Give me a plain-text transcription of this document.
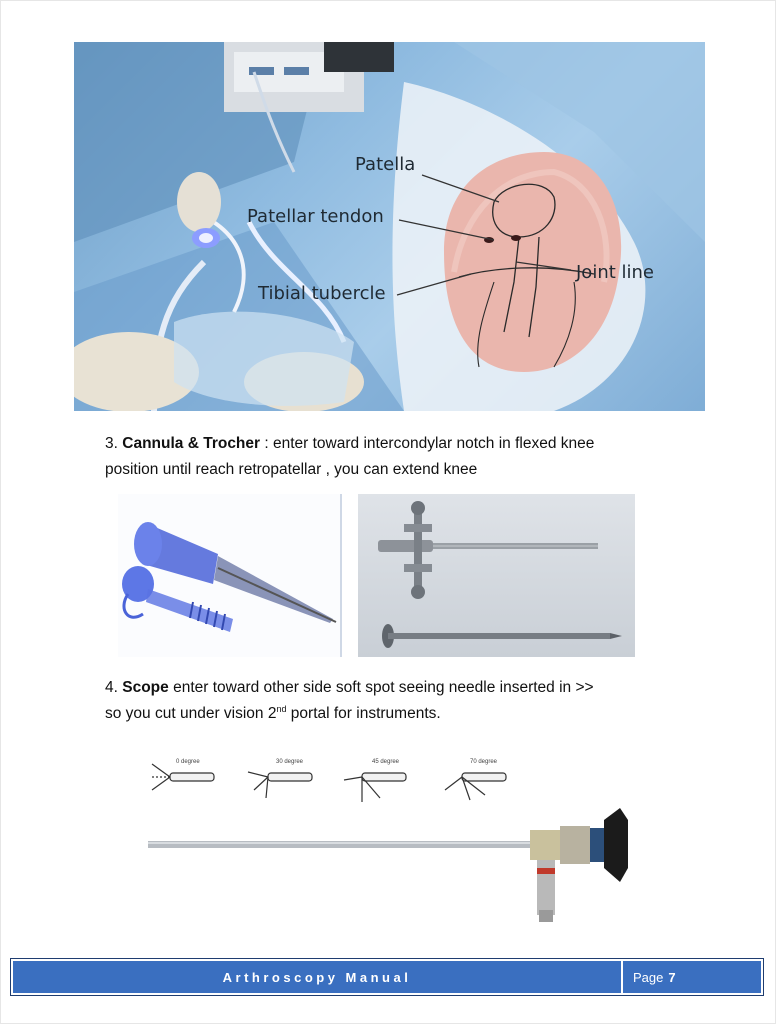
Patella
Patellar tendon
Joint line
Tibial tubercle
3. Cannula & Trocher : enter toward intercondylar notch in flexed knee
position until reach retropatellar , you can extend knee
4. Scope enter toward other side soft spot seeing needle inserted in >>
so you cut under vision 2nd portal for instruments.
0 degree	30 degree	45 degree	70 degree
Arthroscopy Manual	Page 7
